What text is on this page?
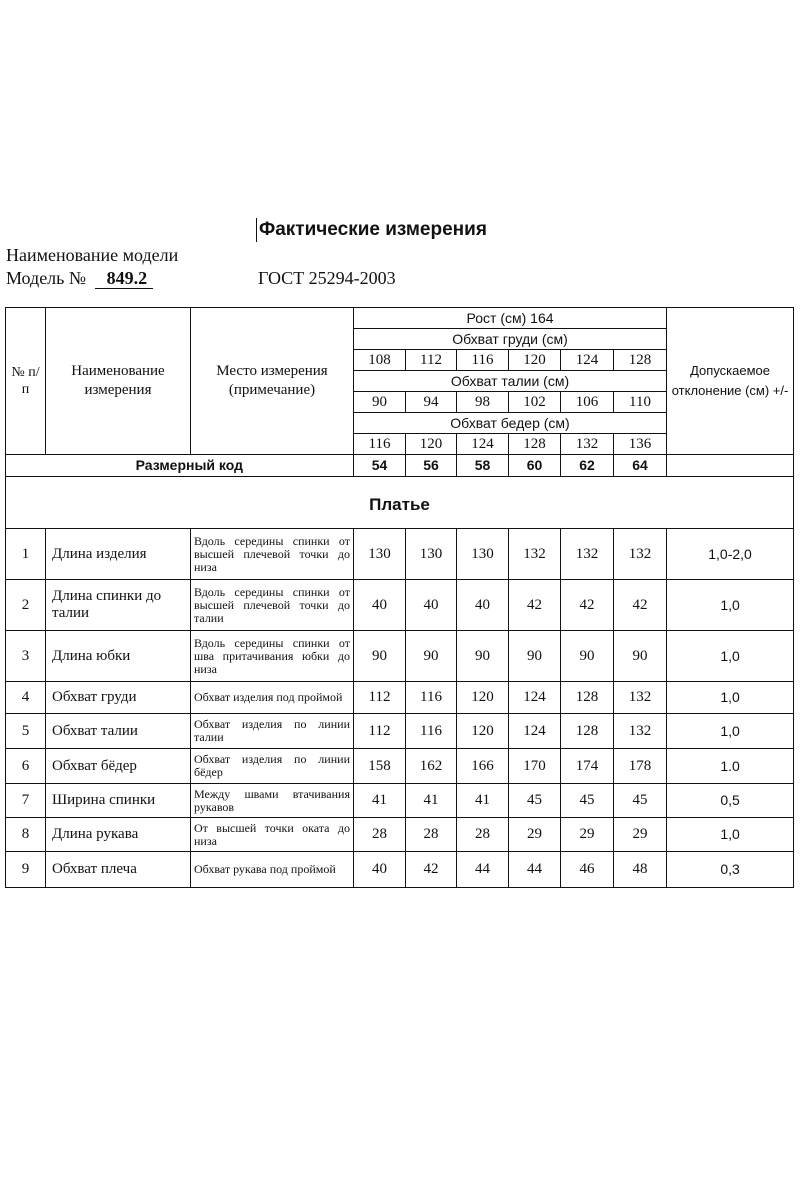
Фактические измерения
Наименование модели
Модель № 849.2	ГОСТ 25294-2003
№ п/п	Наименование измерения	Место измерения (примечание)	Рост (см) 164						Допускаемое отклонение (см) +/-
			Обхват груди (см)						
			108	112	116	120	124	128	
			Обхват талии (см)						
			90	94	98	102	106	110	
			Обхват бедер (см)						
			116	120	124	128	132	136	
Размерный код			54	56	58	60	62	64	
Платье									
1	Длина изделия	Вдоль середины спинки от высшей плечевой точки до низа	130	130	130	132	132	132	1,0-2,0
2	Длина спинки до талии	Вдоль середины спинки от высшей плечевой точки до талии	40	40	40	42	42	42	1,0
3	Длина юбки	Вдоль середины спинки от шва притачивания юбки до низа	90	90	90	90	90	90	1,0
4	Обхват груди	Обхват изделия под проймой	112	116	120	124	128	132	1,0
5	Обхват талии	Обхват изделия по линии талии	112	116	120	124	128	132	1,0
6	Обхват бёдер	Обхват изделия по линии бёдер	158	162	166	170	174	178	1.0
7	Ширина спинки	Между швами втачивания рукавов	41	41	41	45	45	45	0,5
8	Длина рукава	От высшей точки оката до низа	28	28	28	29	29	29	1,0
9	Обхват плеча	Обхват рукава под проймой	40	42	44	44	46	48	0,3
